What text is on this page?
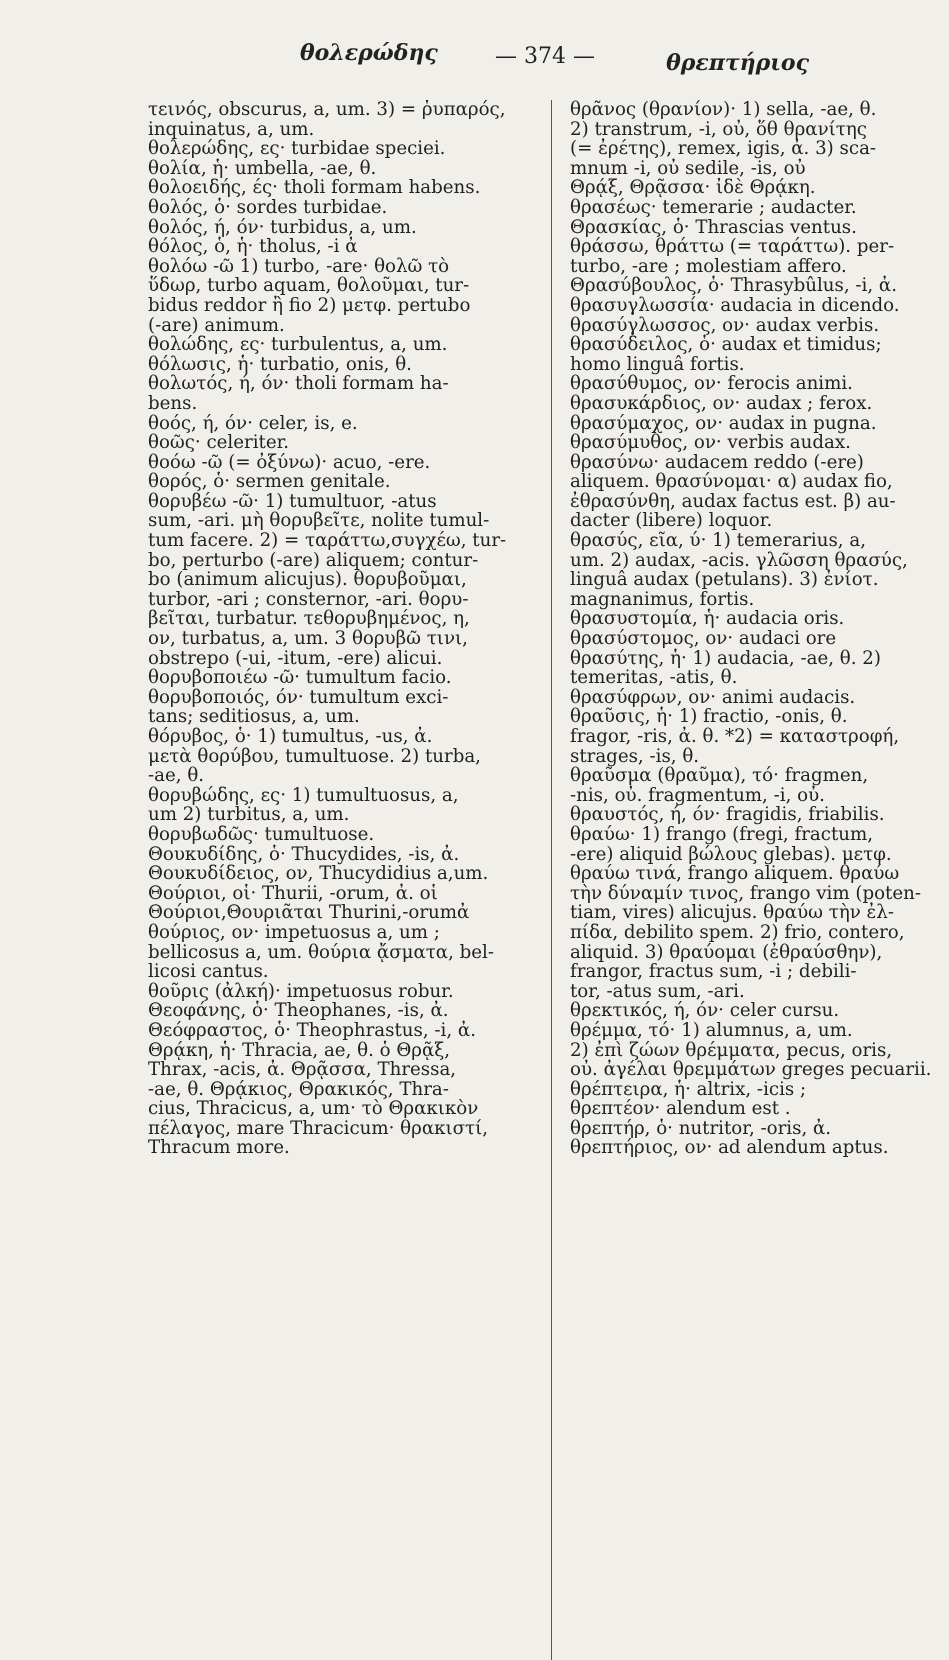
θολερώδης	— 374 —	θρεπτήριος
τεινός, obscurus, a, um. 3) = ῥυπαρός,
inquinatus, a, um.
θολερώδης, ες· turbidae speciei.
θολία, ἡ· umbella, -ae, θ.
θολοειδής, ές· tholi formam habens.
θολός, ὁ· sordes turbidae.
θολός, ή, όν· turbidus, a, um.
θόλος, ὁ, ἡ· tholus, -i ἀ
θολόω -ῶ 1) turbo, -are· θολῶ τὸ
ὕδωρ, turbo aquam, θολοῦμαι, tur-
bidus reddor ἢ fio 2) μετφ. pertubo
(-are) animum.
θολώδης, ες· turbulentus, a, um.
θόλωσις, ἡ· turbatio, onis, θ.
θολωτός, ή, όν· tholi formam ha-
bens.
θοός, ή, όν· celer, is, e.
θοῶς· celeriter.
θοόω -ῶ (= ὀξύνω)· acuo, -ere.
θορός, ὁ· sermen genitale.
θορυβέω -ῶ· 1) tumultuor, -atus
sum, -ari. μὴ θορυβεῖτε, nolite tumul-
tum facere. 2) = ταράττω,συγχέω, tur-
bo, perturbo (-are) aliquem; contur-
bo (animum alicujus). θορυβοῦμαι,
turbor, -ari ; consternor, -ari. θορυ-
βεῖται, turbatur. τεθορυβημένος, η,
ον, turbatus, a, um. 3 θορυβῶ τινι,
obstrepo (-ui, -itum, -ere) alicui.
θορυβοποιέω -ῶ· tumultum facio.
θορυβοποιός, όν· tumultum exci-
tans; seditiosus, a, um.
θόρυβος, ὁ· 1) tumultus, -us, ἀ.
μετὰ θορύβου, tumultuose. 2) turba,
-ae, θ.
θορυβώδης, ες· 1) tumultuosus, a,
um 2) turbitus, a, um.
θορυβωδῶς· tumultuose.
Θουκυδίδης, ὁ· Thucydides, -is, ἀ.
Θουκυδίδειος, ον, Thucydidius a,um.
Θούριοι, οἱ· Thurii, -orum, ἀ. οἱ
Θούριοι,Θουριᾶται Thurini,-orumἀ
θούριος, ον· impetuosus a, um ;
bellicosus a, um. θούρια ᾄσματα, bel-
licosi cantus.
θοῦρις (ἀλκή)· impetuosus robur.
Θεοφάνης, ὁ· Theophanes, -is, ἀ.
Θεόφραστος, ὁ· Theophrastus, -i, ἀ.
Θρᾴκη, ἡ· Thracia, ae, θ. ὁ Θρᾷξ,
Thrax, -acis, ἀ. Θρᾷσσα, Thressa,
-ae, θ. Θρᾴκιος, Θρακικός, Thra-
cius, Thracicus, a, um· τὸ Θρακικὸν
πέλαγος, mare Thracicum· θρακιστί,
Thracum more.
θρᾶνος (θρανίον)· 1) sella, -ae, θ.
2) transtrum, -i, οὐ, ὅθ θρανίτης
(= ἐρέτης), remex, igis, ἀ. 3) sca-
mnum -i, οὐ sedile, -is, οὐ
Θρᾴξ, Θρᾷσσα· ἰδὲ Θρᾴκη.
θρασέως· temerarie ; audacter.
Θρασκίας, ὁ· Thrascias ventus.
θράσσω, θράττω (= ταράττω). per-
turbo, -are ; molestiam affero.
Θρασύβουλος, ὁ· Thrasybûlus, -i, ἀ.
θρασυγλωσσία· audacia in dicendo.
θρασύγλωσσος, ον· audax verbis.
θρασύδειλος, ὁ· audax et timidus;
homo linguâ fortis.
θρασύθυμος, ον· ferocis animi.
θρασυκάρδιος, ον· audax ; ferox.
θρασύμαχος, ον· audax in pugna.
θρασύμυθος, ον· verbis audax.
θρασύνω· audacem reddo (-ere)
aliquem. θρασύνομαι· α) audax fio,
ἐθρασύνθη, audax factus est. β) au-
dacter (libere) loquor.
θρασύς, εῖα, ύ· 1) temerarius, a,
um. 2) audax, -acis. γλῶσση θρασύς,
linguâ audax (petulans). 3) ἐνίοτ.
magnanimus, fortis.
θρασυστομία, ἡ· audacia oris.
θρασύστομος, ον· audaci ore
θρασύτης, ἡ· 1) audacia, -ae, θ. 2)
temeritas, -atis, θ.
θρασύφρων, ον· animi audacis.
θραῦσις, ἡ· 1) fractio, -onis, θ.
fragor, -ris, ἀ. θ. *2) = καταστροφή,
strages, -is, θ.
θραῦσμα (θραῦμα), τό· fragmen,
-nis, οὐ. fragmentum, -i, οὐ.
θραυστός, ή, όν· fragidis, friabilis.
θραύω· 1) frango (fregi, fractum,
-ere) aliquid βώλους glebas). μετφ.
θραύω τινά, frango aliquem. θραύω
τὴν δύναμίν τινος, frango vim (poten-
tiam, vires) alicujus. θραύω τὴν ἐλ-
πίδα, debilito spem. 2) frio, contero,
aliquid. 3) θραύομαι (ἐθραύσθην),
frangor, fractus sum, -i ; debili-
tor, -atus sum, -ari.
θρεκτικός, ή, όν· celer cursu.
θρέμμα, τό· 1) alumnus, a, um.
2) ἐπὶ ζώων θρέμματα, pecus, oris,
οὐ. ἀγέλαι θρεμμάτων greges pecuarii.
θρέπτειρα, ἡ· altrix, -icis ;
θρεπτέον· alendum est .
θρεπτήρ, ὁ· nutritor, -oris, ἀ.
θρεπτήριος, ον· ad alendum aptus.
